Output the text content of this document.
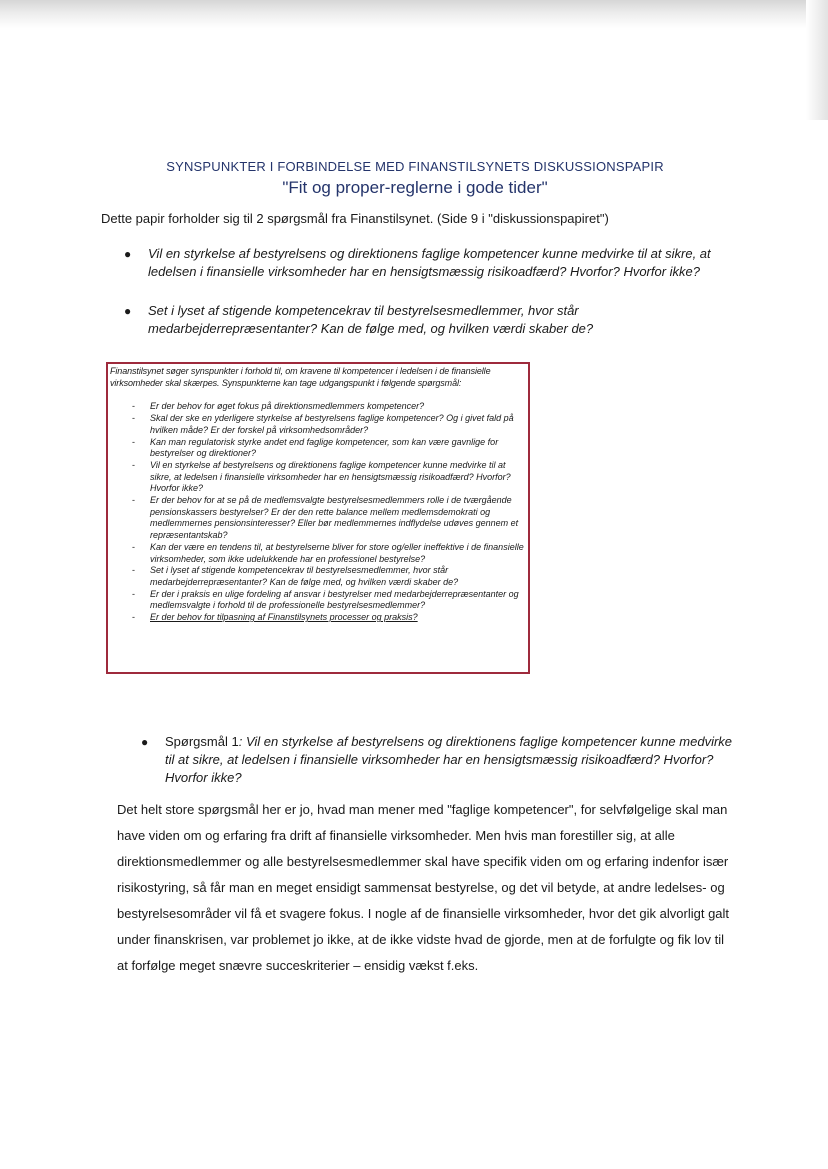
SYNSPUNKTER I FORBINDELSE MED FINANSTILSYNETS DISKUSSIONSPAPIR
"Fit og proper-reglerne i gode tider"
Dette papir forholder sig til 2 spørgsmål fra Finanstilsynet. (Side 9 i "diskussionspapiret")
● Vil en styrkelse af bestyrelsens og direktionens faglige kompetencer kunne medvirke til at sikre, at ledelsen i finansielle virksomheder har en hensigtsmæssig risikoadfærd? Hvorfor? Hvorfor ikke?
● Set i lyset af stigende kompetencekrav til bestyrelsesmedlemmer, hvor står medarbejderrepræsentanter? Kan de følge med, og hvilken værdi skaber de?

Finanstilsynet søger synspunkter i forhold til, om kravene til kompetencer i ledelsen i de finansielle virksomheder skal skærpes. Synspunkterne kan tage udgangspunkt i følgende spørgsmål:

- Er der behov for øget fokus på direktionsmedlemmers kompetencer?
- Skal der ske en yderligere styrkelse af bestyrelsens faglige kompetencer? Og i givet fald på hvilken måde? Er der forskel på virksomhedsområder?
- Kan man regulatorisk styrke andet end faglige kompetencer, som kan være gavnlige for bestyrelser og direktioner?
- Vil en styrkelse af bestyrelsens og direktionens faglige kompetencer kunne medvirke til at sikre, at ledelsen i finansielle virksomheder har en hensigtsmæssig risikoadfærd? Hvorfor? Hvorfor ikke?
- Er der behov for at se på de medlemsvalgte bestyrelsesmedlemmers rolle i de tværgående pensionskassers bestyrelser? Er der den rette balance mellem medlemsdemokrati og medlemmernes pensionsinteresser? Eller bør medlemmernes indflydelse udøves gennem et repræsentantskab?
- Kan der være en tendens til, at bestyrelserne bliver for store og/eller ineffektive i de finansielle virksomheder, som ikke udelukkende har en professionel bestyrelse?
- Set i lyset af stigende kompetencekrav til bestyrelsesmedlemmer, hvor står medarbejderrepræsentanter? Kan de følge med, og hvilken værdi skaber de?
- Er der i praksis en ulige fordeling af ansvar i bestyrelser med medarbejderrepræsentanter og medlemsvalgte i forhold til de professionelle bestyrelsesmedlemmer?
- Er der behov for tilpasning af Finanstilsynets processer og praksis?
● Spørgsmål 1: Vil en styrkelse af bestyrelsens og direktionens faglige kompetencer kunne medvirke til at sikre, at ledelsen i finansielle virksomheder har en hensigtsmæssig risikoadfærd? Hvorfor? Hvorfor ikke?

Det helt store spørgsmål her er jo, hvad man mener med "faglige kompetencer", for selvfølgelige skal man have viden om og erfaring fra drift af finansielle virksomheder. Men hvis man forestiller sig, at alle direktionsmedlemmer og alle bestyrelsesmedlemmer skal have specifik viden om og erfaring indenfor især risikostyring, så får man en meget ensidigt sammensat bestyrelse, og det vil betyde, at andre ledelses- og bestyrelsesområder vil få et svagere fokus. I nogle af de finansielle virksomheder, hvor det gik alvorligt galt under finanskrisen, var problemet jo ikke, at de ikke vidste hvad de gjorde, men at de forfulgte og fik lov til at forfølge meget snævre succeskriterier – ensidig vækst f.eks.
